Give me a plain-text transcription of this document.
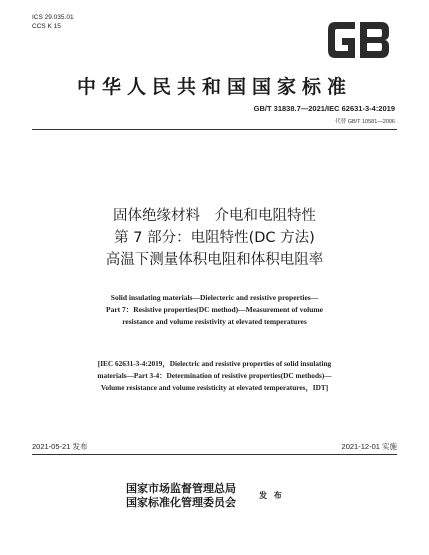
ICS 29.035.01
CCS K 15
中华人民共和国国家标准
GB/T 31838.7—2021/IEC 62631-3-4:2019
代替 GB/T 10581—2006
固体绝缘材料　介电和电阻特性
第 7 部分：电阻特性(DC 方法)
高温下测量体积电阻和体积电阻率
Solid insulating materials—Dielecteric and resistive properties—
Part 7：Resistive properties(DC method)—Measurement of volume
resistance and volume resistivity at elevated temperatures
[IEC 62631-3-4:2019，Dielectric and resistive properties of solid insulating
materials—Part 3-4：Determination of resistive properties(DC methods)—
Volume resistance and volume resisticity at elevated temperatures，IDT]
2021-05-21 发布	2021-12-01 实施
国家市场监督管理总局
国家标准化管理委员会
发 布
